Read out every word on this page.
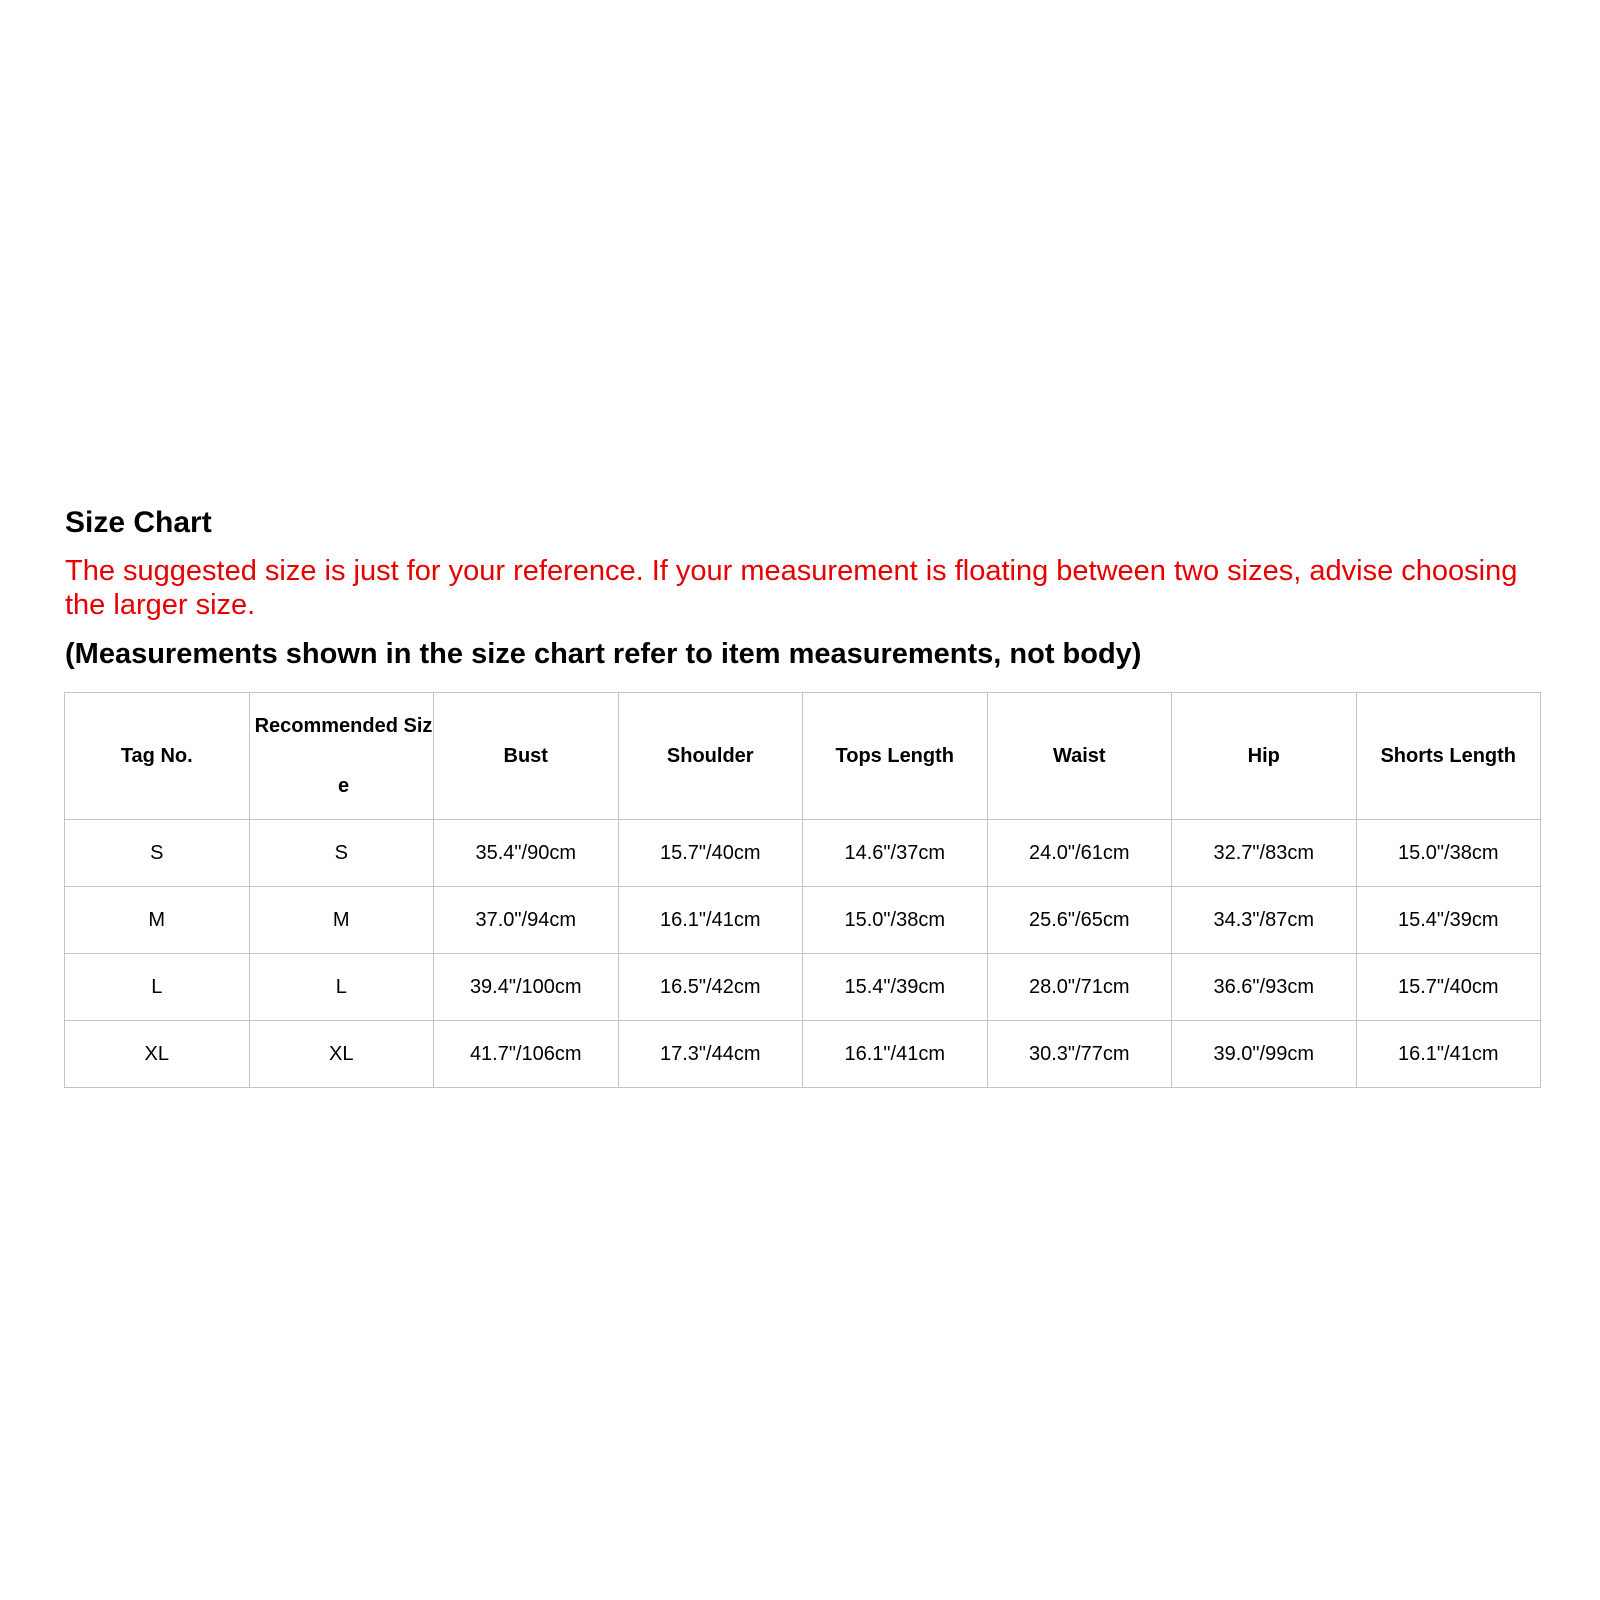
Size Chart

The suggested size is just for your reference. If your measurement is floating between two sizes, advise choosing the larger size.

(Measurements shown in the size chart refer to item measurements, not body)
Tag No.	Recommended Size	Bust	Shoulder	Tops Length	Waist	Hip	Shorts Length
S	S	35.4"/90cm	15.7"/40cm	14.6"/37cm	24.0"/61cm	32.7"/83cm	15.0"/38cm
M	M	37.0"/94cm	16.1"/41cm	15.0"/38cm	25.6"/65cm	34.3"/87cm	15.4"/39cm
L	L	39.4"/100cm	16.5"/42cm	15.4"/39cm	28.0"/71cm	36.6"/93cm	15.7"/40cm
XL	XL	41.7"/106cm	17.3"/44cm	16.1"/41cm	30.3"/77cm	39.0"/99cm	16.1"/41cm
